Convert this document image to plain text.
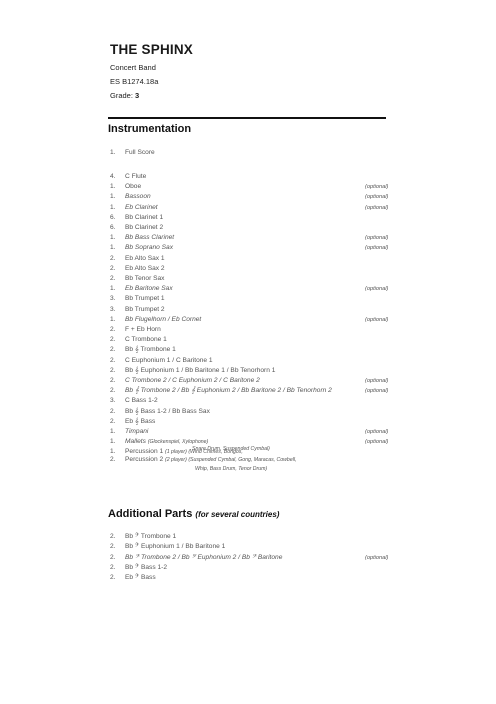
THE SPHINX
Concert Band
ES B1274.18a
Grade: 3
Instrumentation
1.	Full Score
4.	C Flute
1.	Oboe	(optional)
1.	Bassoon	(optional)
1.	Eb Clarinet	(optional)
6.	Bb Clarinet 1
6.	Bb Clarinet 2
1.	Bb Bass Clarinet	(optional)
1.	Bb Soprano Sax	(optional)
2.	Eb Alto Sax 1
2.	Eb Alto Sax 2
2.	Bb Tenor Sax
1.	Eb Baritone Sax	(optional)
3.	Bb Trumpet 1
3.	Bb Trumpet 2
1.	Bb Flugelhorn / Eb Cornet	(optional)
2.	F + Eb Horn
2.	C Trombone 1
2.	Bb 𝄞 Trombone 1
2.	C Euphonium 1 / C Baritone 1
2.	Bb 𝄞 Euphonium 1 / Bb Baritone 1 / Bb Tenorhorn 1
2.	C Trombone 2 / C Euphonium 2 / C Baritone 2	(optional)
2.	Bb 𝄞 Trombone 2 / Bb 𝄞 Euphonium 2 / Bb Baritone 2 / Bb Tenorhorn 2	(optional)
3.	C Bass 1-2
2.	Bb 𝄞 Bass 1-2 / Bb Bass Sax
2.	Eb 𝄞 Bass
1.	Timpani	(optional)
1.	Mallets (Glockenspiel, Xylophone)	(optional)
1.	Percussion 1 (1 player) (Wind Chimes, Bongos,
Snare Drum, Suspended Cymbal)
2.	Percussion 2 (2 player) (Suspended Cymbal, Gong, Maracas, Cowbell,
Whip, Bass Drum, Tenor Drum)
Additional Parts (for several countries)
2.	Bb 𝄢 Trombone 1
2.	Bb 𝄢 Euphonium 1 / Bb Baritone 1
2.	Bb 𝄢 Trombone 2 / Bb 𝄢 Euphonium 2 / Bb 𝄢 Baritone	(optional)
2.	Bb 𝄢 Bass 1-2
2.	Eb 𝄢 Bass
